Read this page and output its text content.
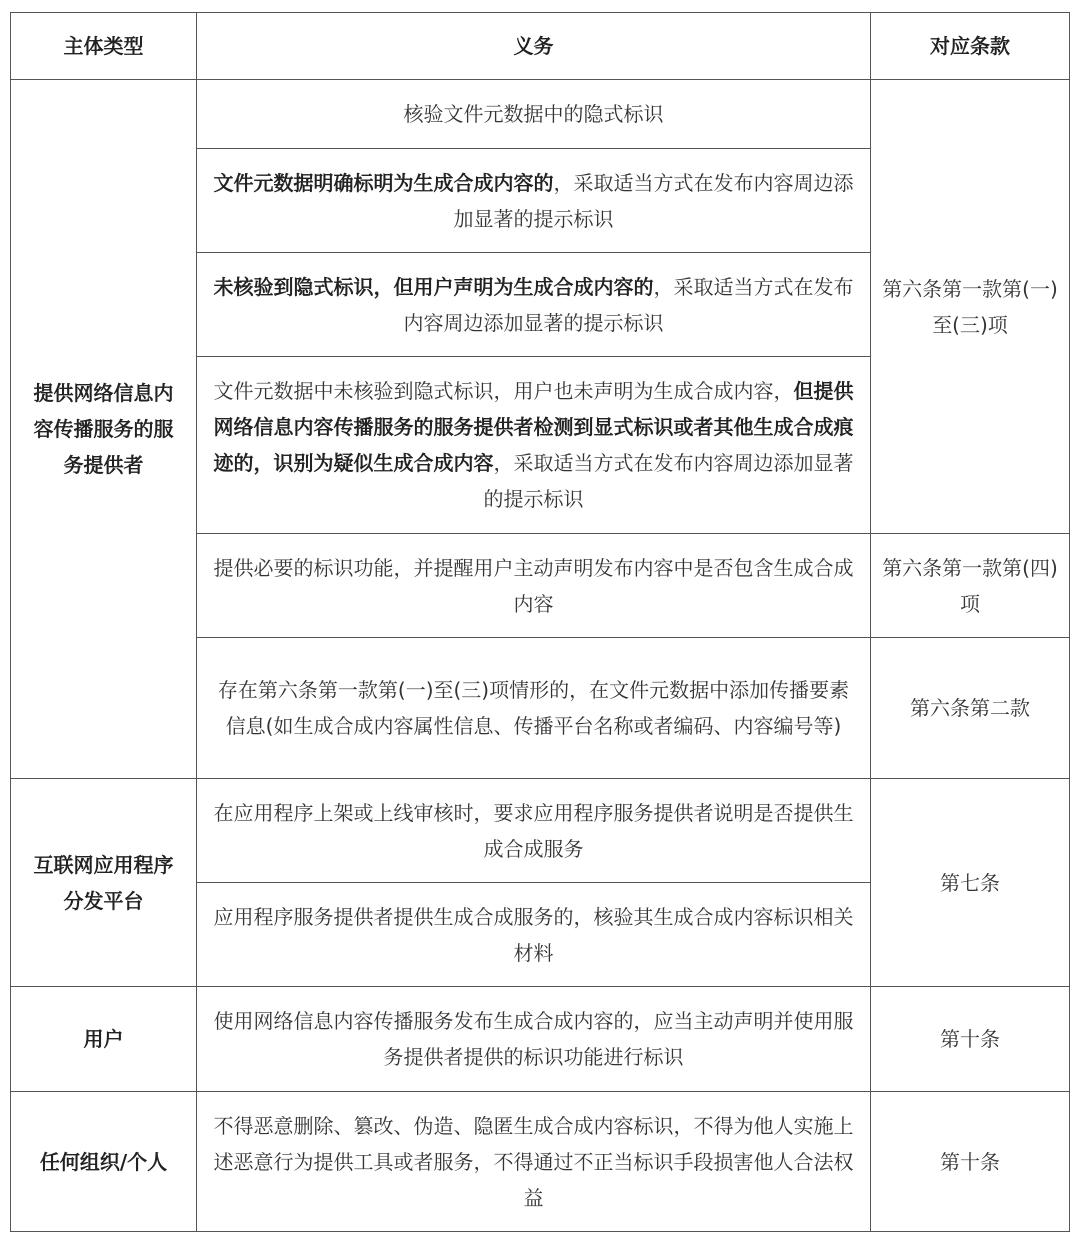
主体类型	义务	对应条款
提供网络信息内容传播服务的服务提供者	核验文件元数据中的隐式标识	第六条第一款第(一)至(三)项
	文件元数据明确标明为生成合成内容的，采取适当方式在发布内容周边添加显著的提示标识	
	未核验到隐式标识，但用户声明为生成合成内容的，采取适当方式在发布内容周边添加显著的提示标识	
	文件元数据中未核验到隐式标识，用户也未声明为生成合成内容，但提供网络信息内容传播服务的服务提供者检测到显式标识或者其他生成合成痕迹的，识别为疑似生成合成内容，采取适当方式在发布内容周边添加显著的提示标识	
	提供必要的标识功能，并提醒用户主动声明发布内容中是否包含生成合成内容	第六条第一款第(四)项
	存在第六条第一款第(一)至(三)项情形的，在文件元数据中添加传播要素信息(如生成合成内容属性信息、传播平台名称或者编码、内容编号等)	第六条第二款
互联网应用程序分发平台	在应用程序上架或上线审核时，要求应用程序服务提供者说明是否提供生成合成服务	第七条
	应用程序服务提供者提供生成合成服务的，核验其生成合成内容标识相关材料	
用户	使用网络信息内容传播服务发布生成合成内容的，应当主动声明并使用服务提供者提供的标识功能进行标识	第十条
任何组织/个人	不得恶意删除、篡改、伪造、隐匿生成合成内容标识，不得为他人实施上述恶意行为提供工具或者服务，不得通过不正当标识手段损害他人合法权益	第十条
